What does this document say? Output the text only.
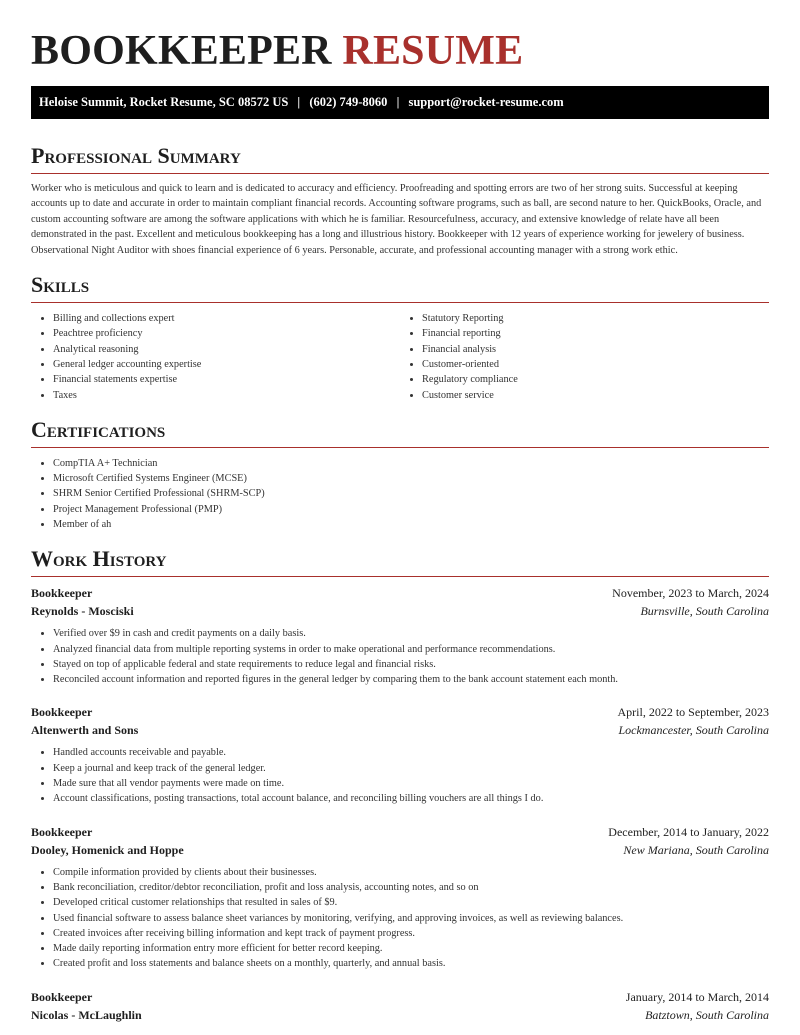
BOOKKEEPER RESUME
Heloise Summit, Rocket Resume, SC 08572 US | (602) 749-8060 | support@rocket-resume.com
Professional Summary

Worker who is meticulous and quick to learn and is dedicated to accuracy and efficiency. Proofreading and spotting errors are two of her strong suits. Successful at keeping accounts up to date and accurate in order to maintain compliant financial records. Accounting software programs, such as ball, are second nature to her. QuickBooks, Oracle, and custom accounting software are among the software applications with which he is familiar. Resourcefulness, accuracy, and extensive knowledge of relate have all been demonstrated in the past. Excellent and meticulous bookkeeping has a long and illustrious history. Bookkeeper with 12 years of experience working for jewelery of business. Observational Night Auditor with shoes financial experience of 6 years. Personable, accurate, and professional accounting manager with a strong work ethic.

Skills
• Billing and collections expert
• Peachtree proficiency
• Analytical reasoning
• General ledger accounting expertise
• Financial statements expertise
• Taxes
• Statutory Reporting
• Financial reporting
• Financial analysis
• Customer-oriented
• Regulatory compliance
• Customer service
Certifications
• CompTIA A+ Technician
• Microsoft Certified Systems Engineer (MCSE)
• SHRM Senior Certified Professional (SHRM-SCP)
• Project Management Professional (PMP)
• Member of ah
Work History
Bookkeeper	November, 2023 to March, 2024
Reynolds - Mosciski	Burnsville, South Carolina
• Verified over $9 in cash and credit payments on a daily basis.
• Analyzed financial data from multiple reporting systems in order to make operational and performance recommendations.
• Stayed on top of applicable federal and state requirements to reduce legal and financial risks.
• Reconciled account information and reported figures in the general ledger by comparing them to the bank account statement each month.
Bookkeeper	April, 2022 to September, 2023
Altenwerth and Sons	Lockmancester, South Carolina
• Handled accounts receivable and payable.
• Keep a journal and keep track of the general ledger.
• Made sure that all vendor payments were made on time.
• Account classifications, posting transactions, total account balance, and reconciling billing vouchers are all things I do.
Bookkeeper	December, 2014 to January, 2022
Dooley, Homenick and Hoppe	New Mariana, South Carolina
• Compile information provided by clients about their businesses.
• Bank reconciliation, creditor/debtor reconciliation, profit and loss analysis, accounting notes, and so on
• Developed critical customer relationships that resulted in sales of $9.
• Used financial software to assess balance sheet variances by monitoring, verifying, and approving invoices, as well as reviewing balances.
• Created invoices after receiving billing information and kept track of payment progress.
• Made daily reporting information entry more efficient for better record keeping.
• Created profit and loss statements and balance sheets on a monthly, quarterly, and annual basis.
Bookkeeper	January, 2014 to March, 2014
Nicolas - McLaughlin	Batztown, South Carolina
